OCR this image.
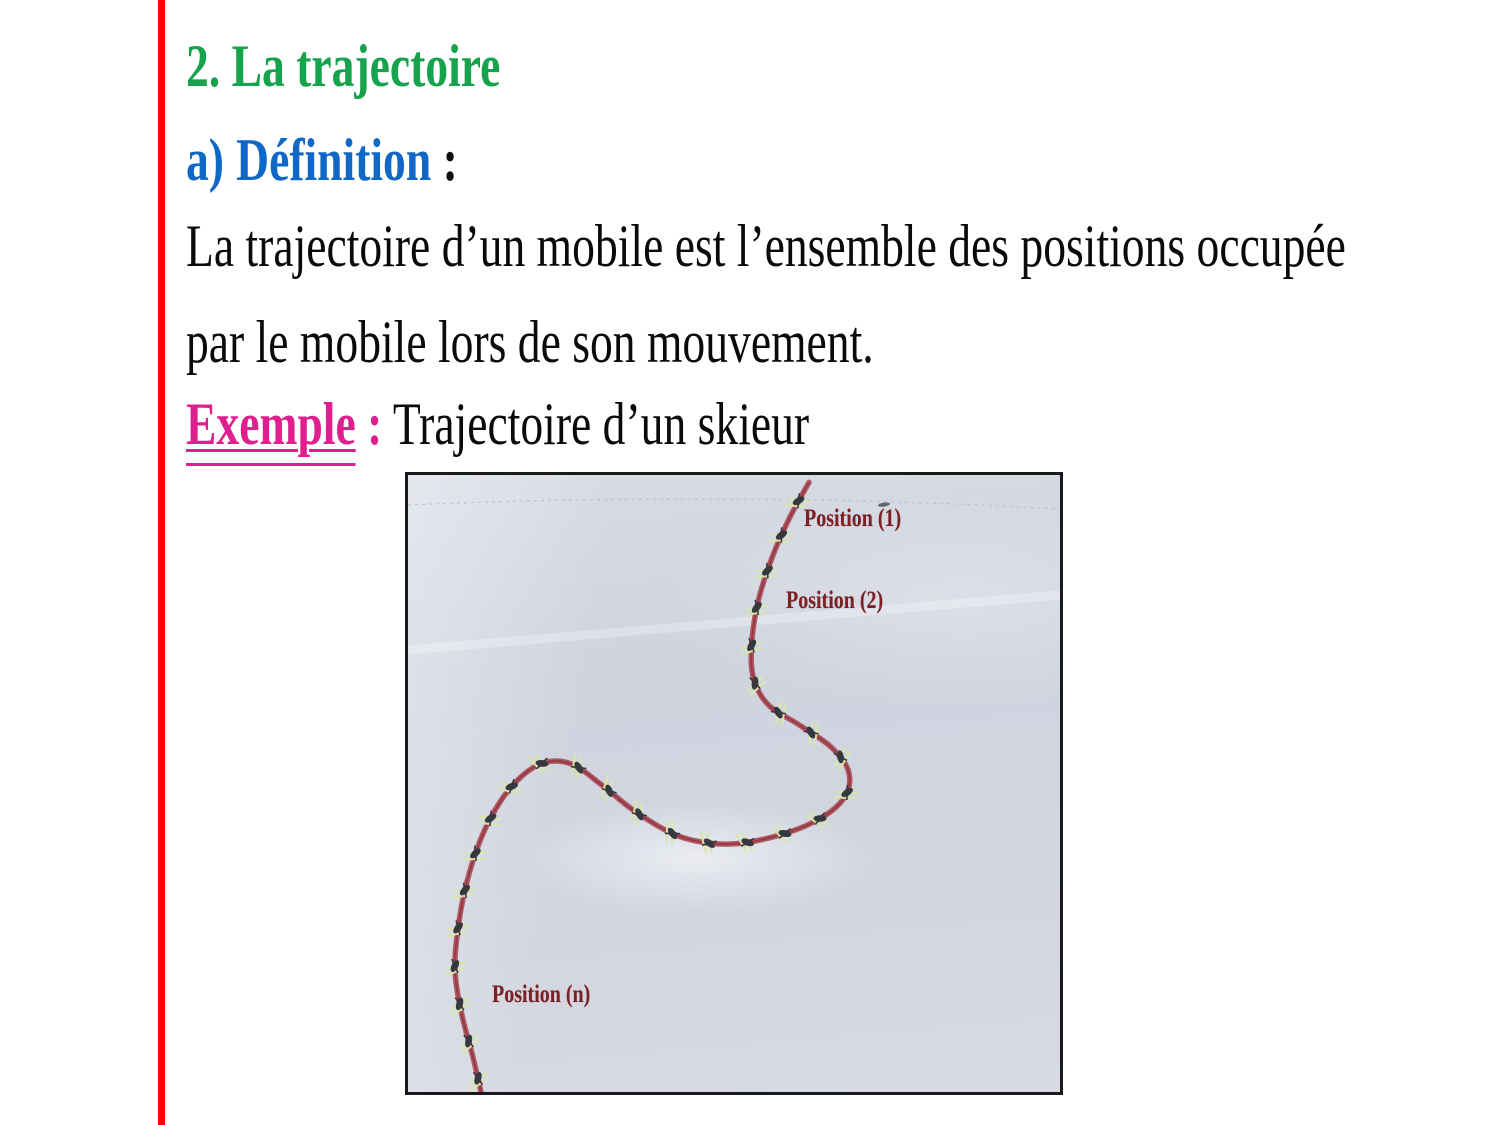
2. La trajectoire
a) Définition :

La trajectoire d’un mobile est l’ensemble des positions occupée
par le mobile lors de son mouvement.

Exemple : Trajectoire d’un skieur

Position (1)
Position (2)
Position (n)
